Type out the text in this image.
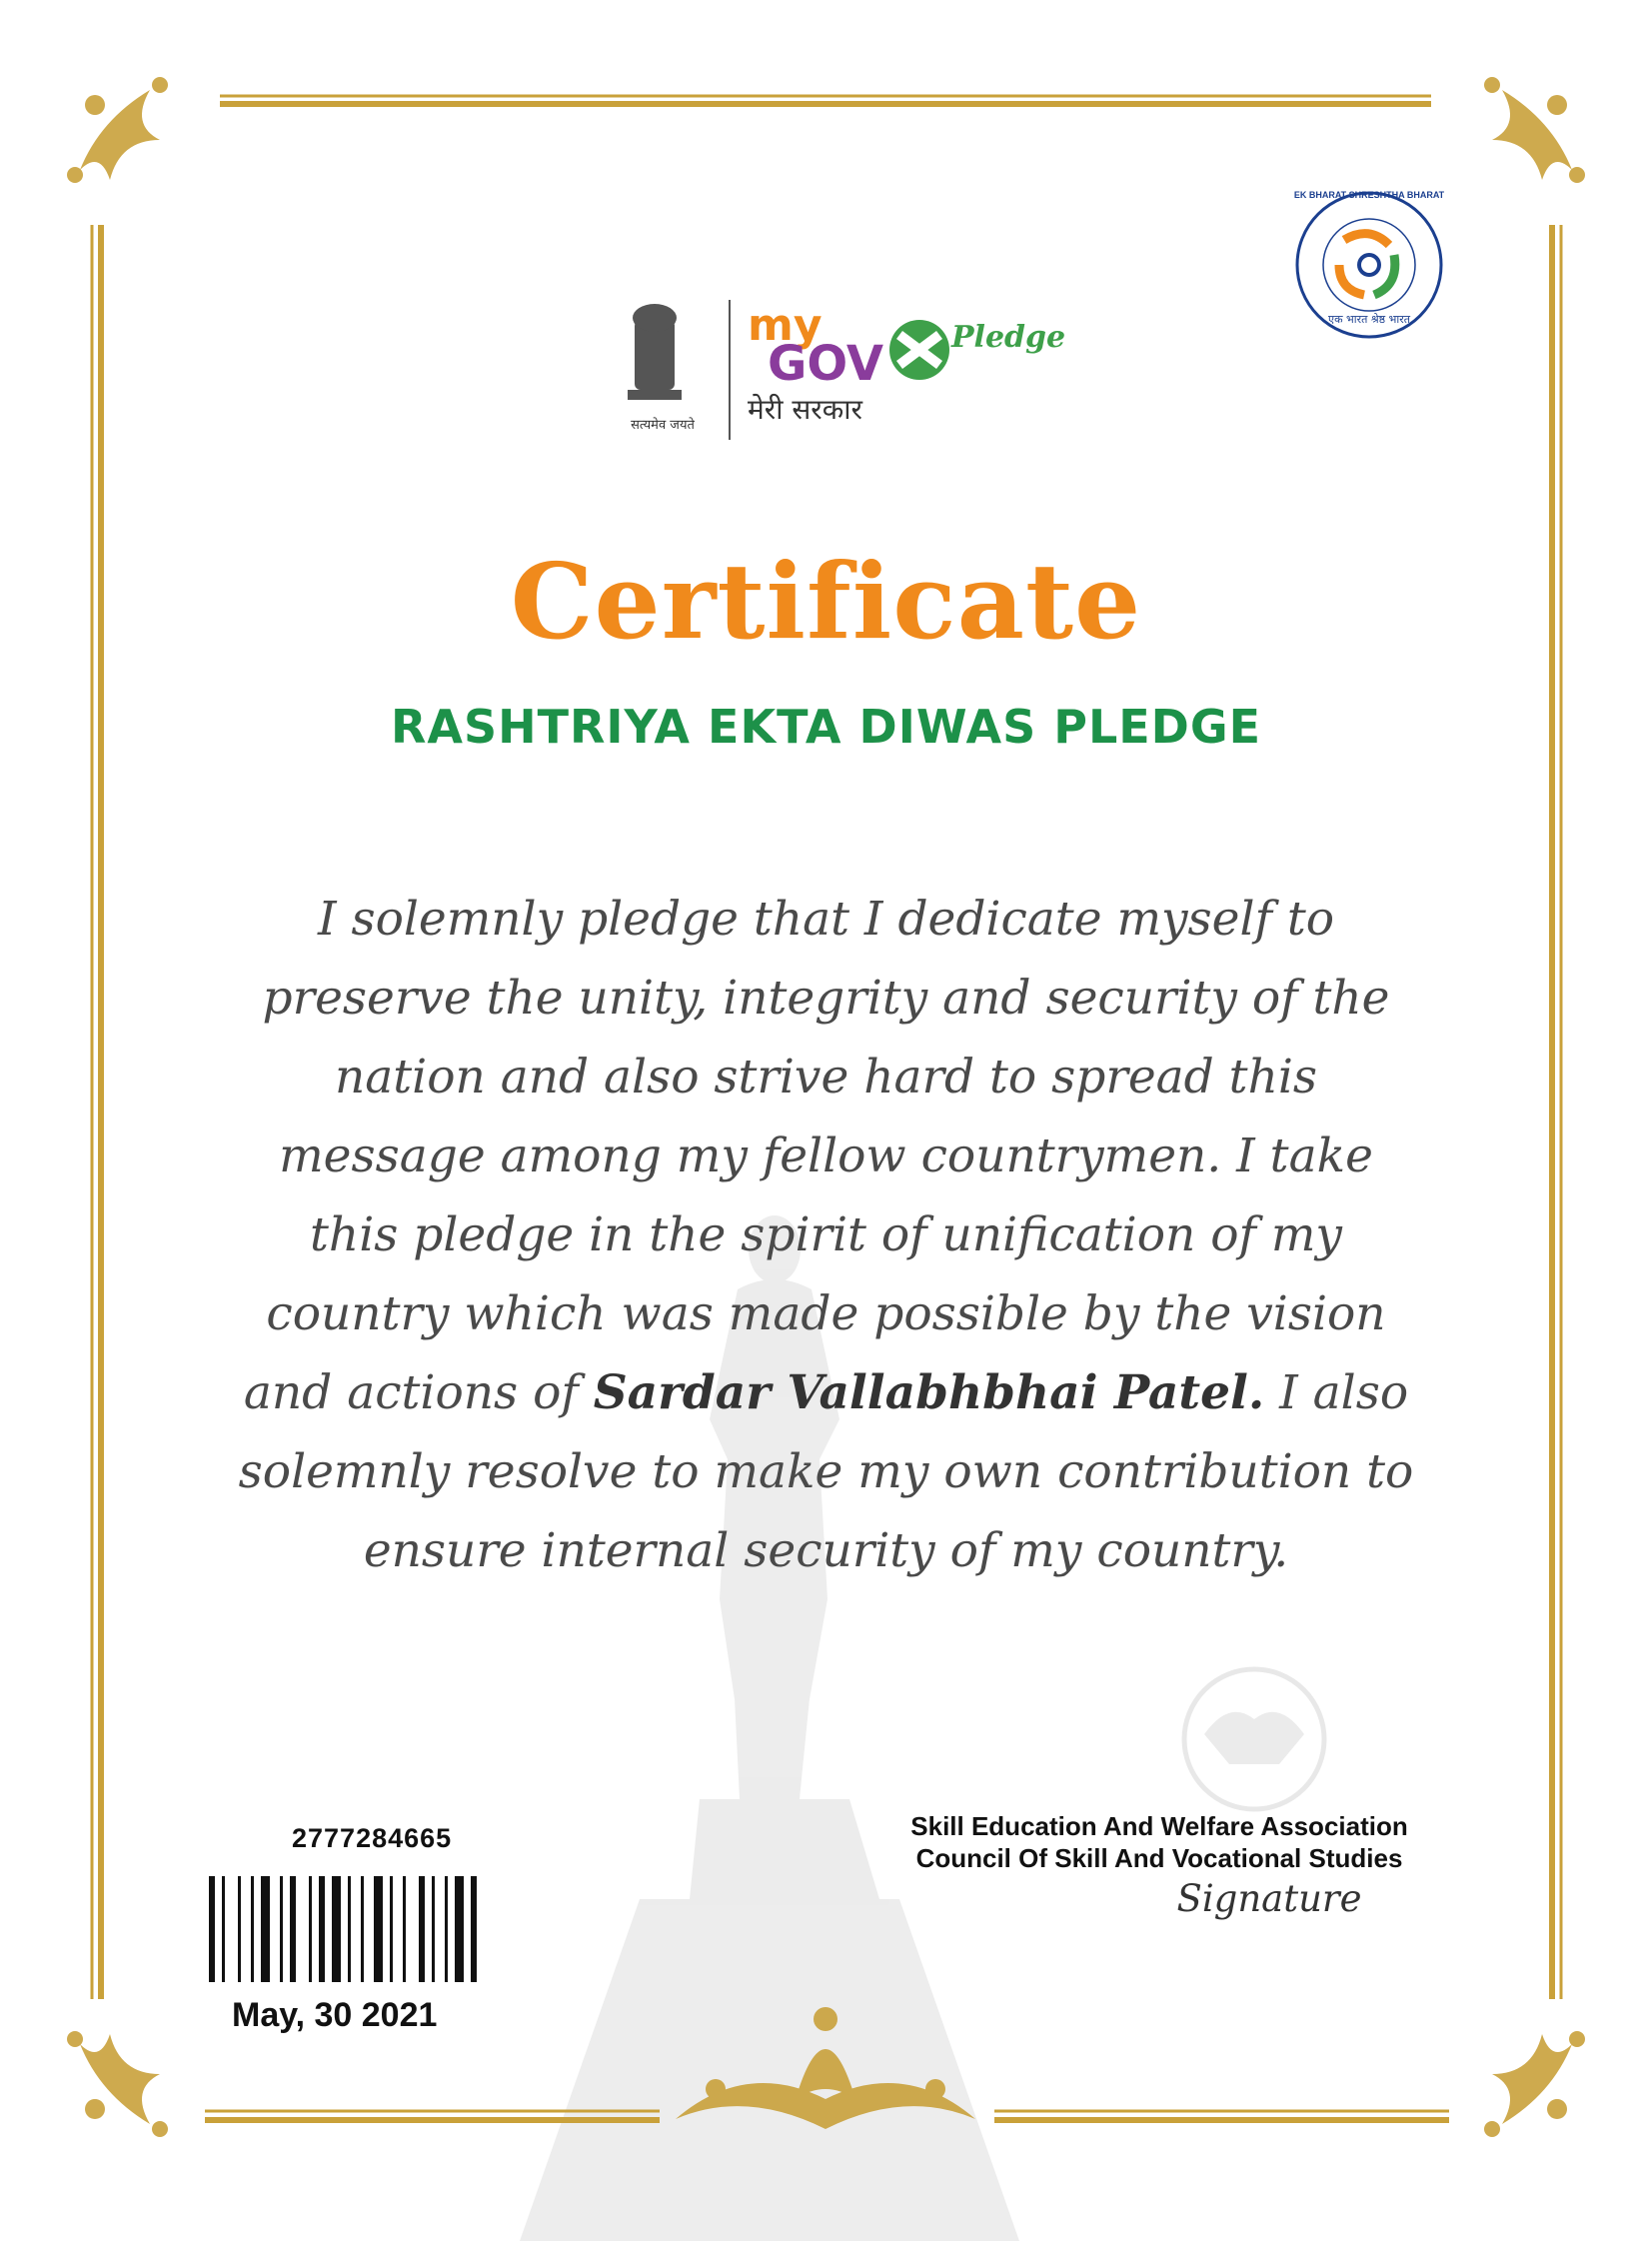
सत्यमेव जयते
my
GOV
मेरी सरकार
Pledge
EK BHARAT SHRESHTHA BHARAT
एक भारत श्रेष्ठ भारत
Certificate
RASHTRIYA EKTA DIWAS PLEDGE
I solemnly pledge that I dedicate myself to preserve the unity, integrity and security of the nation and also strive hard to spread this message among my fellow countrymen. I take this pledge in the spirit of unification of my country which was made possible by the vision and actions of Sardar Vallabhbhai Patel. I also solemnly resolve to make my own contribution to ensure internal security of my country.
2777284665
May, 30 2021
Skill Education And Welfare Association
Council Of Skill And Vocational Studies
Signature
